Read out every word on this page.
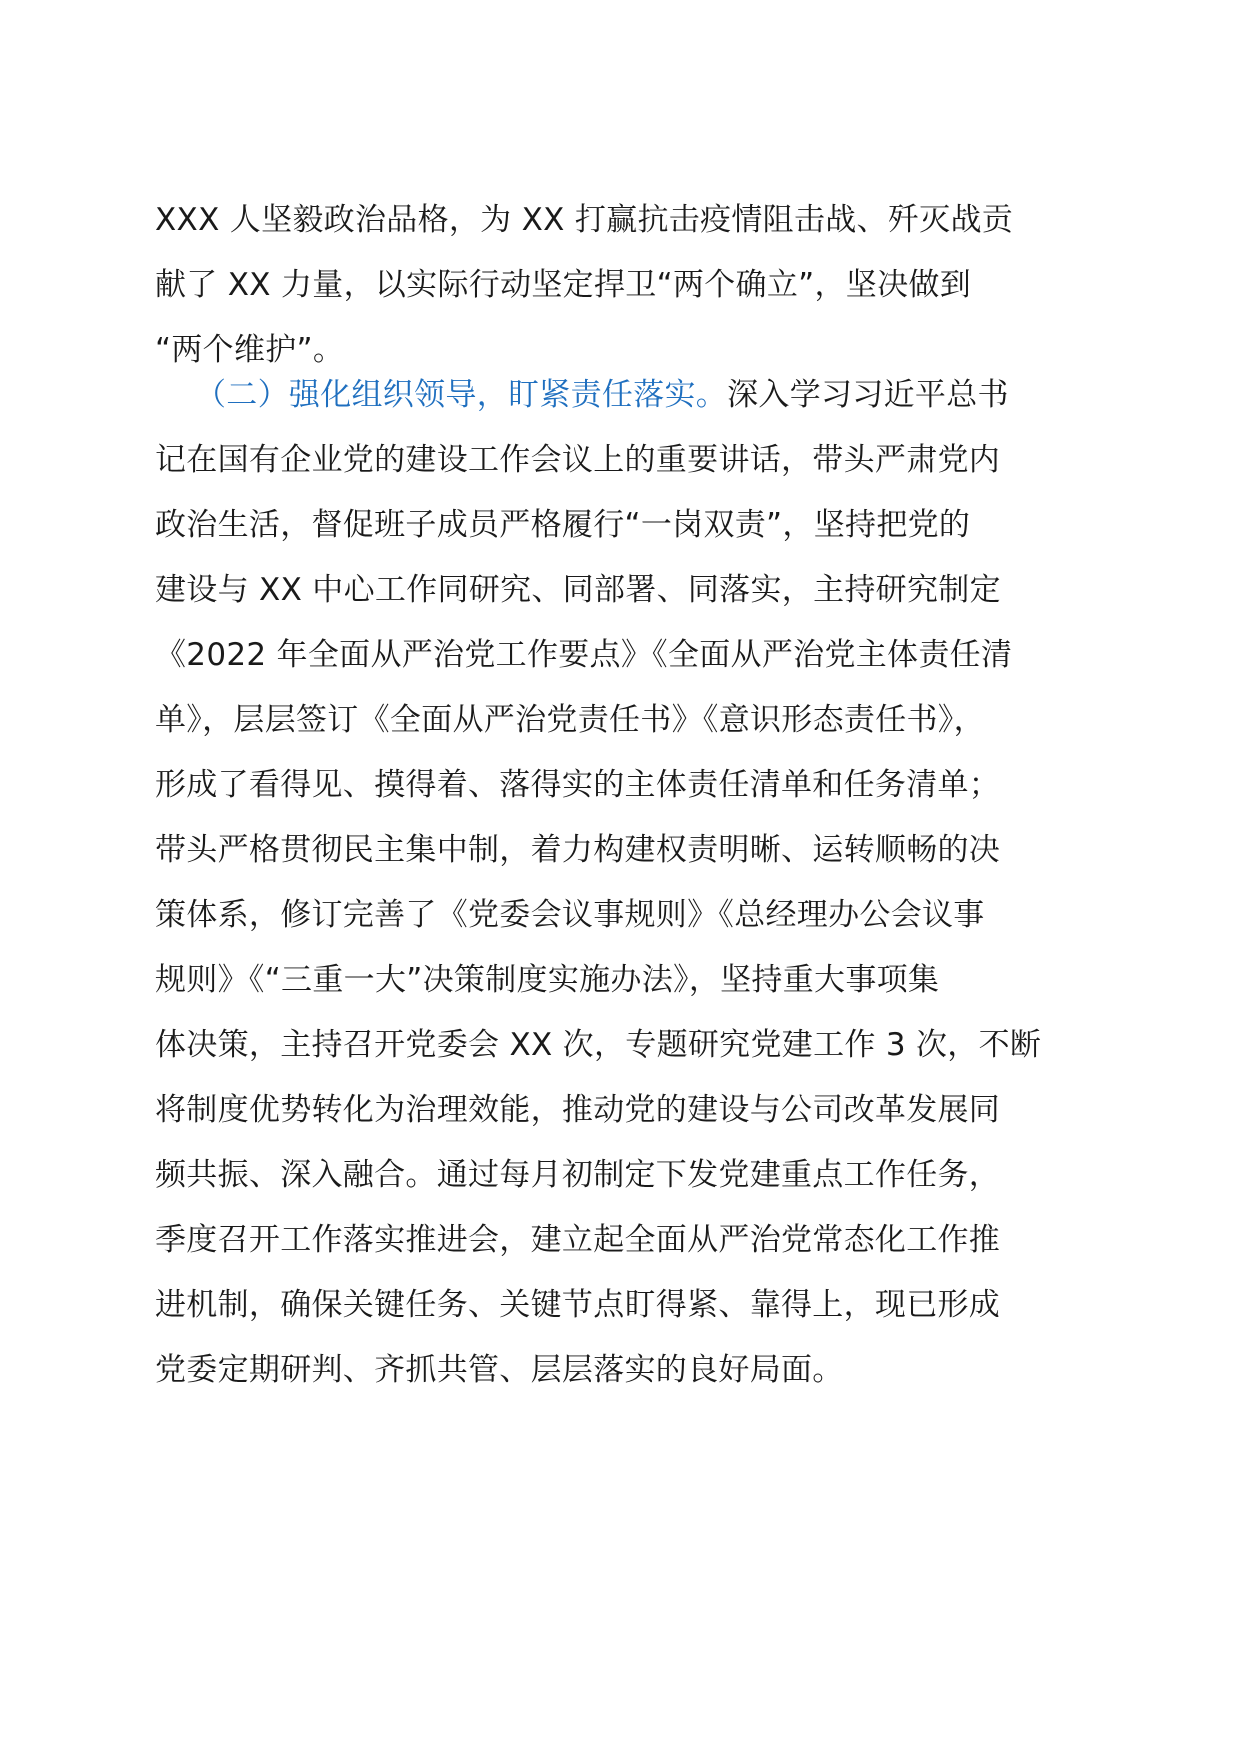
XXX 人坚毅政治品格，为 XX 打赢抗击疫情阻击战、歼灭战贡
献了 XX 力量，以实际行动坚定捍卫“两个确立”，坚决做到
“两个维护”。
（二）强化组织领导，盯紧责任落实。深入学习习近平总书
记在国有企业党的建设工作会议上的重要讲话，带头严肃党内
政治生活，督促班子成员严格履行“一岗双责”，坚持把党的
建设与 XX 中心工作同研究、同部署、同落实，主持研究制定
《2022 年全面从严治党工作要点》《全面从严治党主体责任清
单》，层层签订《全面从严治党责任书》《意识形态责任书》，
形成了看得见、摸得着、落得实的主体责任清单和任务清单；
带头严格贯彻民主集中制，着力构建权责明晰、运转顺畅的决
策体系，修订完善了《党委会议事规则》《总经理办公会议事
规则》《“三重一大”决策制度实施办法》，坚持重大事项集
体决策，主持召开党委会 XX 次，专题研究党建工作 3 次，不断
将制度优势转化为治理效能，推动党的建设与公司改革发展同
频共振、深入融合。通过每月初制定下发党建重点工作任务，
季度召开工作落实推进会，建立起全面从严治党常态化工作推
进机制，确保关键任务、关键节点盯得紧、靠得上，现已形成
党委定期研判、齐抓共管、层层落实的良好局面。
